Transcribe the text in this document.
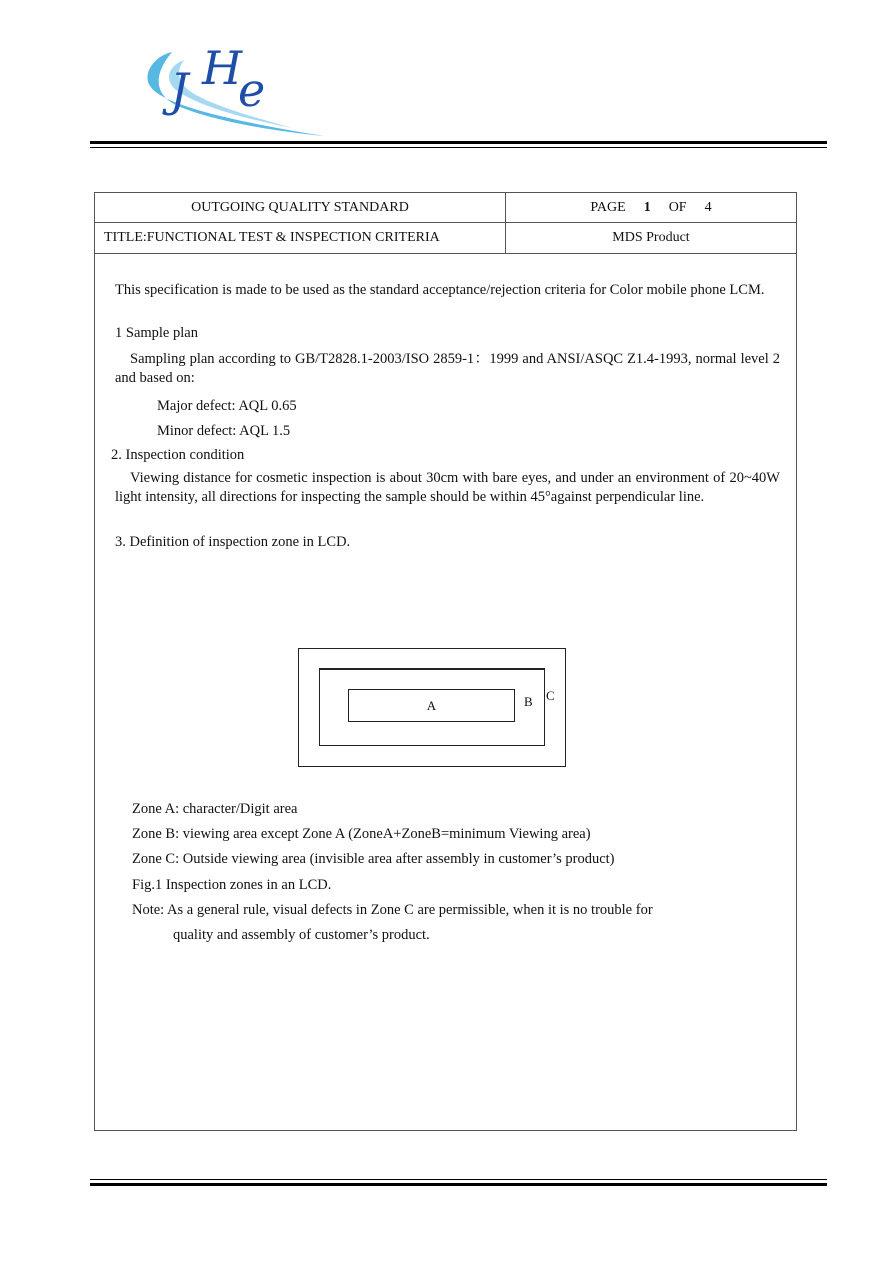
J He
OUTGOING QUALITY STANDARD	PAGE 1 OF 4
TITLE:FUNCTIONAL TEST & INSPECTION CRITERIA	MDS Product
This specification is made to be used as the standard acceptance/rejection criteria for Color mobile phone LCM.
1 Sample plan
Sampling plan according to GB/T2828.1-2003/ISO 2859-1：1999 and ANSI/ASQC Z1.4-1993, normal level 2 and based on:
Major defect: AQL 0.65
Minor defect: AQL 1.5
2. Inspection condition
Viewing distance for cosmetic inspection is about 30cm with bare eyes, and under an environment of 20~40W light intensity, all directions for inspecting the sample should be within 45°against perpendicular line.
3. Definition of inspection zone in LCD.
A	B C
Zone A: character/Digit area
Zone B: viewing area except Zone A (ZoneA+ZoneB=minimum Viewing area)
Zone C: Outside viewing area (invisible area after assembly in customer’s product)
Fig.1 Inspection zones in an LCD.
Note: As a general rule, visual defects in Zone C are permissible, when it is no trouble for
quality and assembly of customer’s product.
